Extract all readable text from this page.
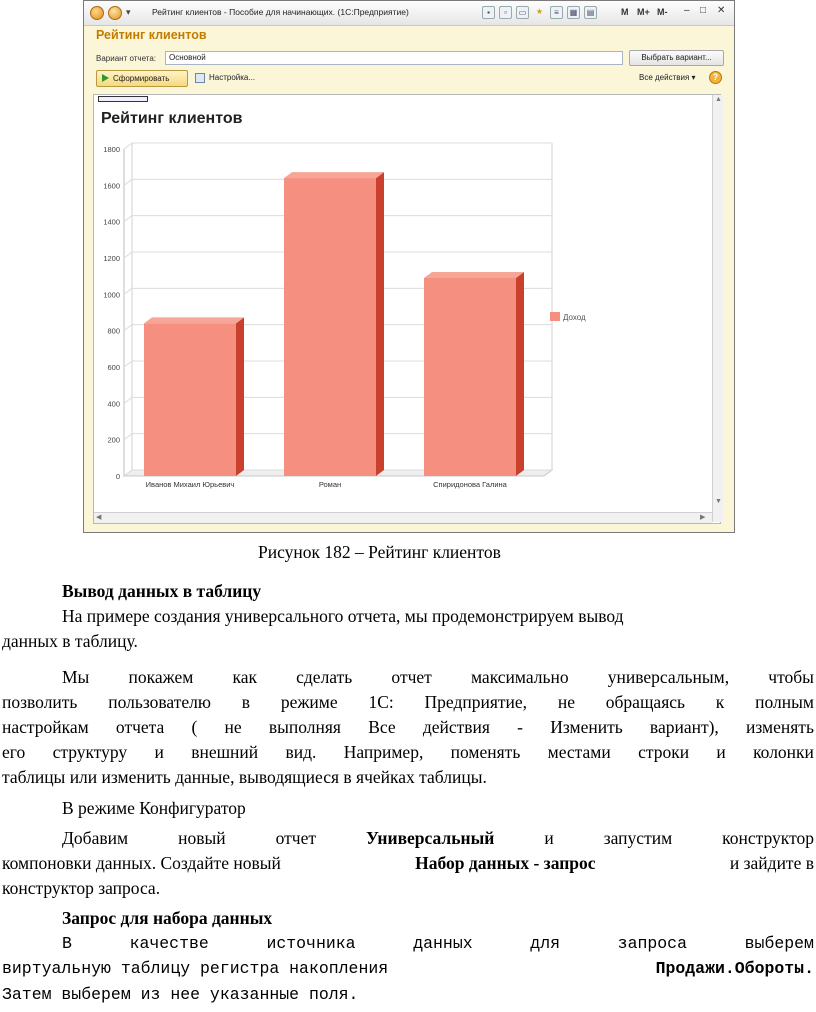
▾	Рейтинг клиентов - Пособие для начинающих. (1С:Предприятие)	▪	▫	▭	★	≡	▦	▤	M M+ M- – □ ✕
Рейтинг клиентов
Вариант отчета:	Основной	Выбрать вариант...
Сформировать	Настройка...	Все действия ▾	?
▲
▼
◀	▶
Рейтинг клиентов
0
200
400
600
800
1000
1200
1400
1600
1800
Иванов Михаил Юрьевич	Роман	Спиридонова Галина
Доход
Рисунок 182 – Рейтинг клиентов
Вывод данных в таблицу
На примере создания универсального отчета, мы продемонстрируем вывод
данных в таблицу.
Мы покажем как сделать отчет максимально универсальным, чтобы
позволить пользователю в режиме 1С: Предприятие, не обращаясь к полным
настройкам отчета ( не выполняя Все действия - Изменить вариант), изменять
его структуру и внешний вид. Например, поменять местами строки и колонки
таблицы или изменить данные, выводящиеся в ячейках таблицы.
В режиме Конфигуратор
Добавим	новый	отчет	Универсальный	и	запустим	конструктор
компоновки данных. Создайте новый	Набор данных - запрос	и зайдите в
конструктор запроса.
Запрос для набора данных
В	качестве	источника	данных	для	запроса	выберем
виртуальную таблицу регистра накопления	Продажи.Обороты.
Затем выберем из нее указанные поля.
